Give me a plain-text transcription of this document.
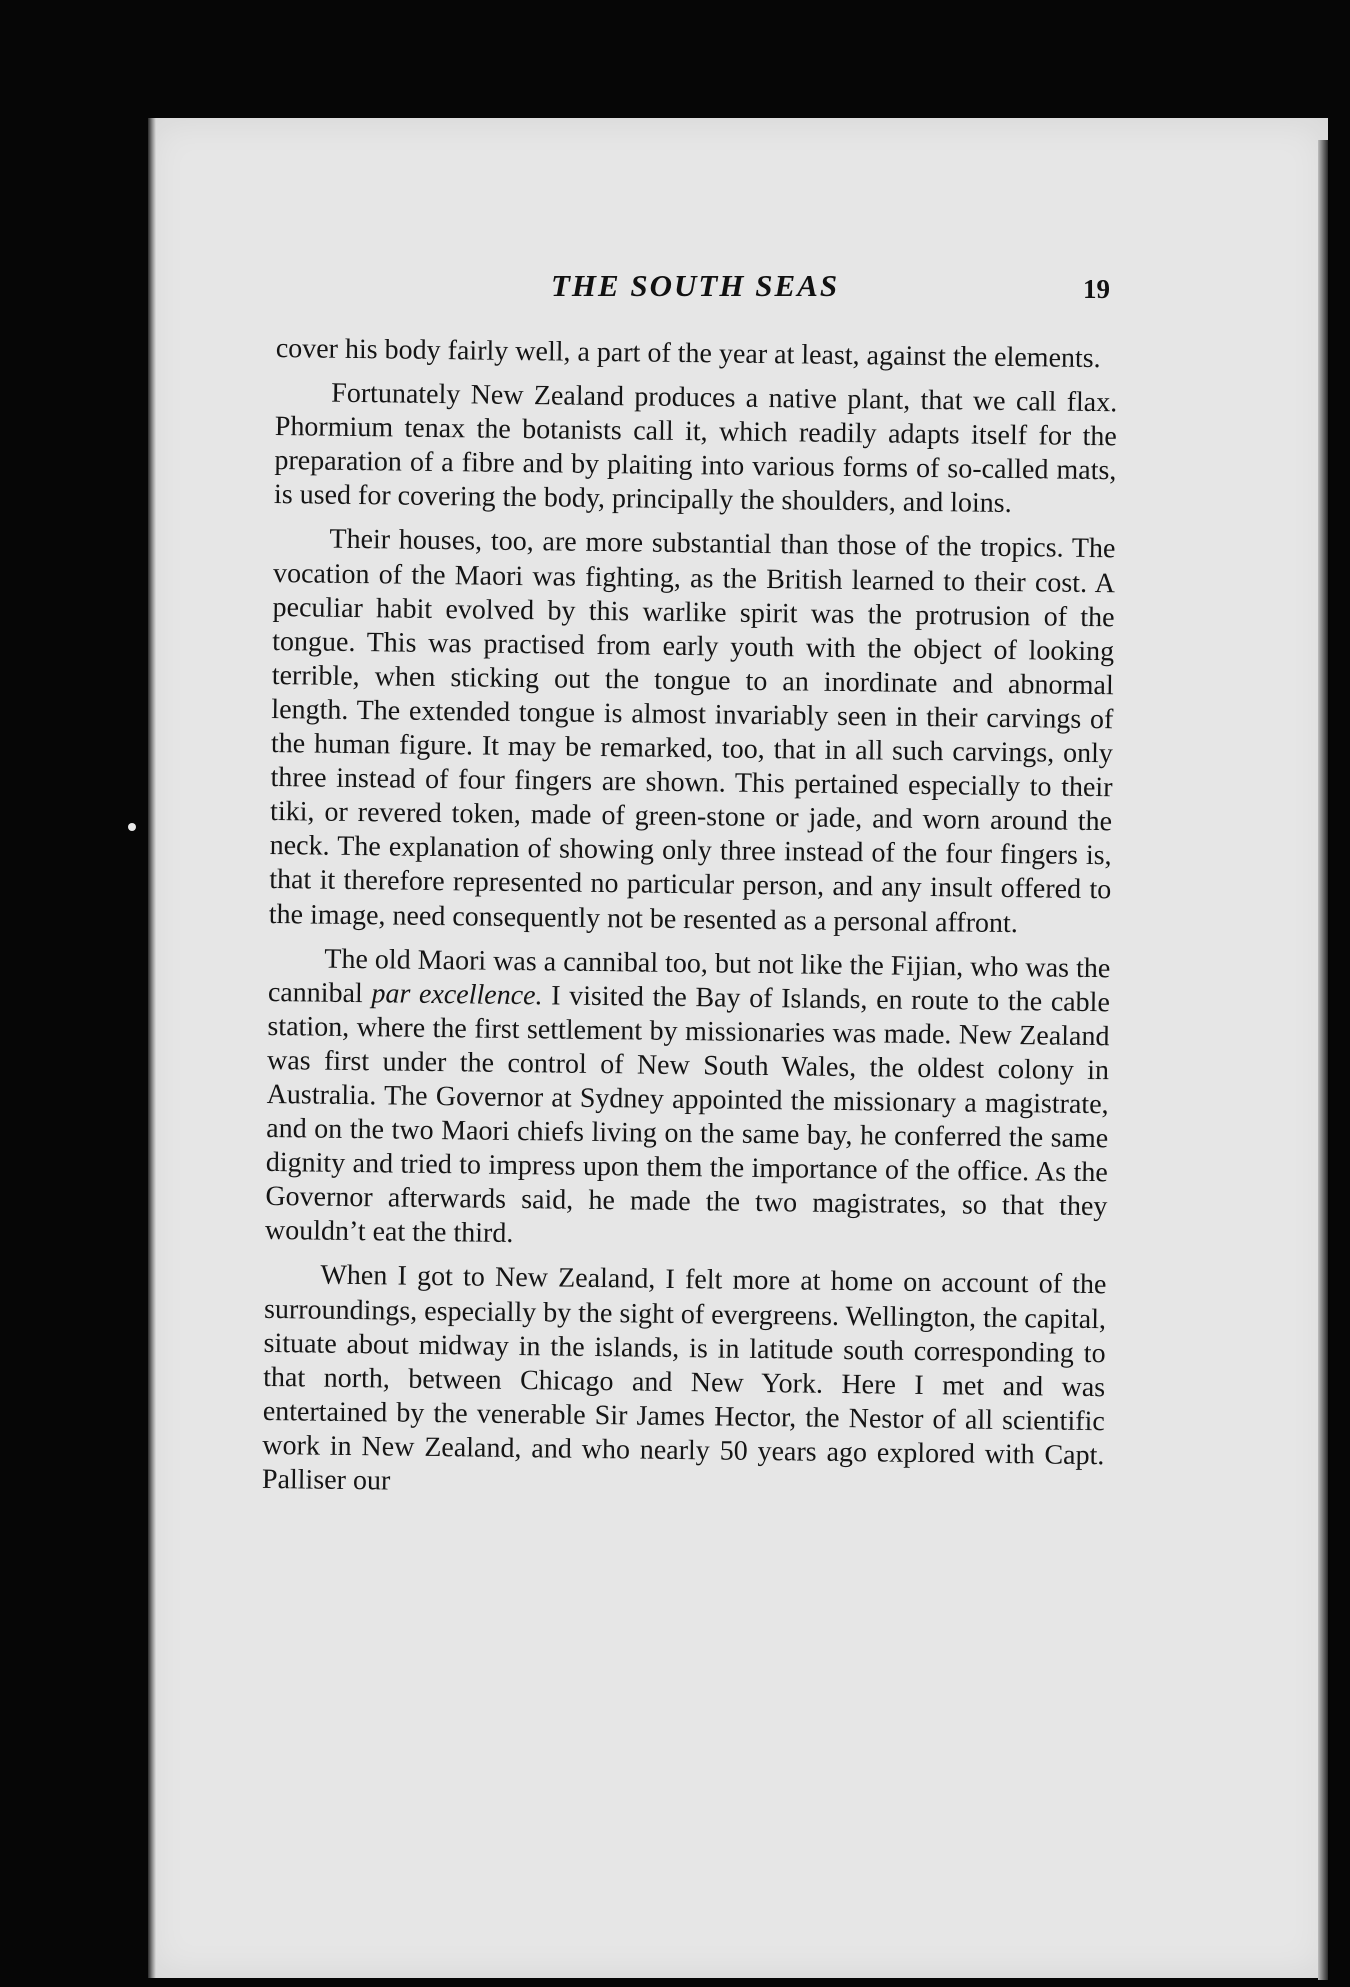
THE SOUTH SEAS	19

cover his body fairly well, a part of the year at least, against the elements.

Fortunately New Zealand produces a native plant, that we call flax. Phormium tenax the botanists call it, which readily adapts itself for the preparation of a fibre and by plaiting into various forms of so-called mats, is used for covering the body, principally the shoulders, and loins.

Their houses, too, are more substantial than those of the tropics. The vocation of the Maori was fighting, as the British learned to their cost. A peculiar habit evolved by this warlike spirit was the protrusion of the tongue. This was practised from early youth with the object of looking terrible, when sticking out the tongue to an inordinate and abnormal length. The extended tongue is almost invariably seen in their carvings of the human figure. It may be remarked, too, that in all such carvings, only three instead of four fingers are shown. This pertained especially to their tiki, or revered token, made of green-stone or jade, and worn around the neck. The explanation of showing only three instead of the four fingers is, that it therefore represented no particular person, and any insult offered to the image, need consequently not be resented as a personal affront.

The old Maori was a cannibal too, but not like the Fijian, who was the cannibal par excellence. I visited the Bay of Islands, en route to the cable station, where the first settlement by missionaries was made. New Zealand was first under the control of New South Wales, the oldest colony in Australia. The Governor at Sydney appointed the missionary a magistrate, and on the two Maori chiefs living on the same bay, he conferred the same dignity and tried to impress upon them the importance of the office. As the Governor afterwards said, he made the two magistrates, so that they wouldn’t eat the third.

When I got to New Zealand, I felt more at home on account of the surroundings, especially by the sight of evergreens. Wellington, the capital, situate about midway in the islands, is in latitude south corresponding to that north, between Chicago and New York. Here I met and was entertained by the venerable Sir James Hector, the Nestor of all scientific work in New Zealand, and who nearly 50 years ago explored with Capt. Palliser our
